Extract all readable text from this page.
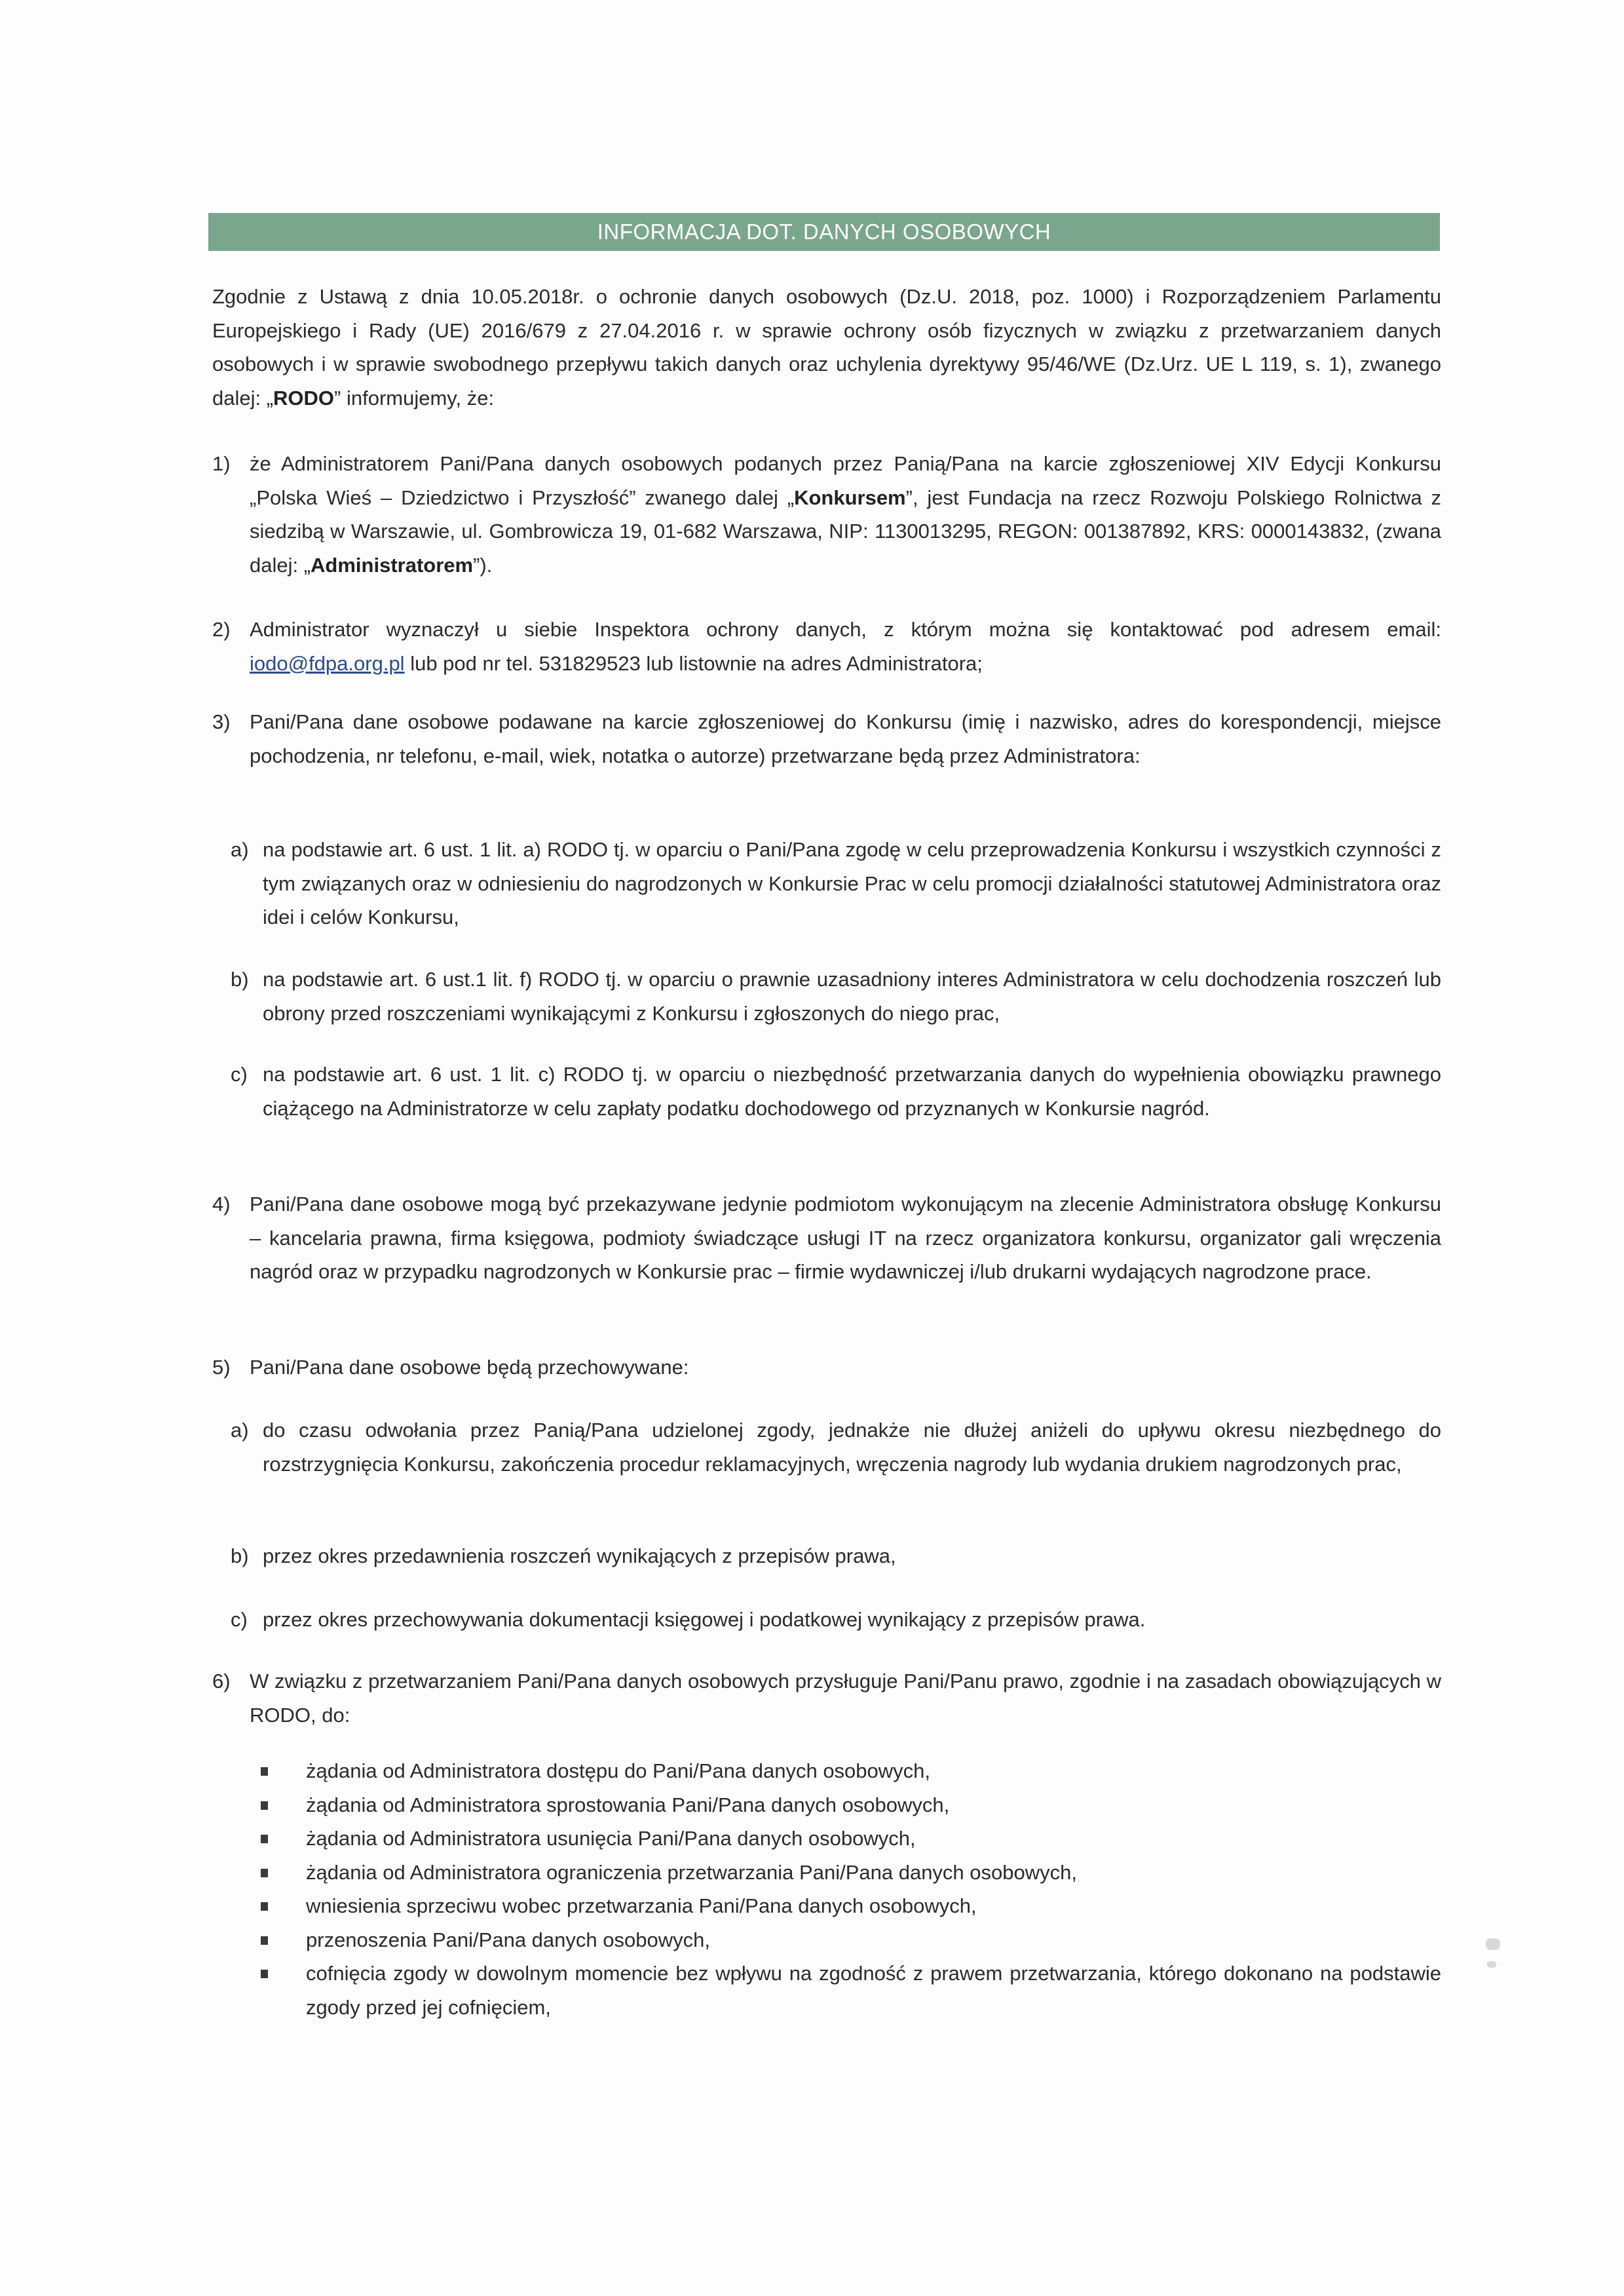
INFORMACJA DOT. DANYCH OSOBOWYCH
Zgodnie z Ustawą z dnia 10.05.2018r. o ochronie danych osobowych (Dz.U. 2018, poz. 1000) i Rozporządzeniem Parlamentu Europejskiego i Rady (UE) 2016/679 z 27.04.2016 r. w sprawie ochrony osób fizycznych w związku z przetwarzaniem danych osobowych i w sprawie swobodnego przepływu takich danych oraz uchylenia dyrektywy 95/46/WE (Dz.Urz. UE L 119, s. 1), zwanego dalej: „RODO” informujemy, że:
1) że Administratorem Pani/Pana danych osobowych podanych przez Panią/Pana na karcie zgłoszeniowej XIV Edycji Konkursu „Polska Wieś – Dziedzictwo i Przyszłość” zwanego dalej „Konkursem”, jest Fundacja na rzecz Rozwoju Polskiego Rolnictwa z siedzibą w Warszawie, ul. Gombrowicza 19, 01-682 Warszawa, NIP: 1130013295, REGON: 001387892, KRS: 0000143832, (zwana dalej: „Administratorem”).
2) Administrator wyznaczył u siebie Inspektora ochrony danych, z którym można się kontaktować pod adresem email: iodo@fdpa.org.pl lub pod nr tel. 531829523 lub listownie na adres Administratora;
3) Pani/Pana dane osobowe podawane na karcie zgłoszeniowej do Konkursu (imię i nazwisko, adres do korespondencji, miejsce pochodzenia, nr telefonu, e-mail, wiek, notatka o autorze) przetwarzane będą przez Administratora:
a) na podstawie art. 6 ust. 1 lit. a) RODO tj. w oparciu o Pani/Pana zgodę w celu przeprowadzenia Konkursu i wszystkich czynności z tym związanych oraz w odniesieniu do nagrodzonych w Konkursie Prac w celu promocji działalności statutowej Administratora oraz idei i celów Konkursu,
b) na podstawie art. 6 ust.1 lit. f) RODO tj. w oparciu o prawnie uzasadniony interes Administratora w celu dochodzenia roszczeń lub obrony przed roszczeniami wynikającymi z Konkursu i zgłoszonych do niego prac,
c) na podstawie art. 6 ust. 1 lit. c) RODO tj. w oparciu o niezbędność przetwarzania danych do wypełnienia obowiązku prawnego ciążącego na Administratorze w celu zapłaty podatku dochodowego od przyznanych w Konkursie nagród.
4) Pani/Pana dane osobowe mogą być przekazywane jedynie podmiotom wykonującym na zlecenie Administratora obsługę Konkursu – kancelaria prawna, firma księgowa, podmioty świadczące usługi IT na rzecz organizatora konkursu, organizator gali wręczenia nagród oraz w przypadku nagrodzonych w Konkursie prac – firmie wydawniczej i/lub drukarni wydających nagrodzone prace.
5) Pani/Pana dane osobowe będą przechowywane:
a) do czasu odwołania przez Panią/Pana udzielonej zgody, jednakże nie dłużej aniżeli do upływu okresu niezbędnego do rozstrzygnięcia Konkursu, zakończenia procedur reklamacyjnych, wręczenia nagrody lub wydania drukiem nagrodzonych prac,
b) przez okres przedawnienia roszczeń wynikających z przepisów prawa,
c) przez okres przechowywania dokumentacji księgowej i podatkowej wynikający z przepisów prawa.
6) W związku z przetwarzaniem Pani/Pana danych osobowych przysługuje Pani/Panu prawo, zgodnie i na zasadach obowiązujących w RODO, do:
żądania od Administratora dostępu do Pani/Pana danych osobowych,
żądania od Administratora sprostowania Pani/Pana danych osobowych,
żądania od Administratora usunięcia Pani/Pana danych osobowych,
żądania od Administratora ograniczenia przetwarzania Pani/Pana danych osobowych,
wniesienia sprzeciwu wobec przetwarzania Pani/Pana danych osobowych,
przenoszenia Pani/Pana danych osobowych,
cofnięcia zgody w dowolnym momencie bez wpływu na zgodność z prawem przetwarzania, którego dokonano na podstawie zgody przed jej cofnięciem,
